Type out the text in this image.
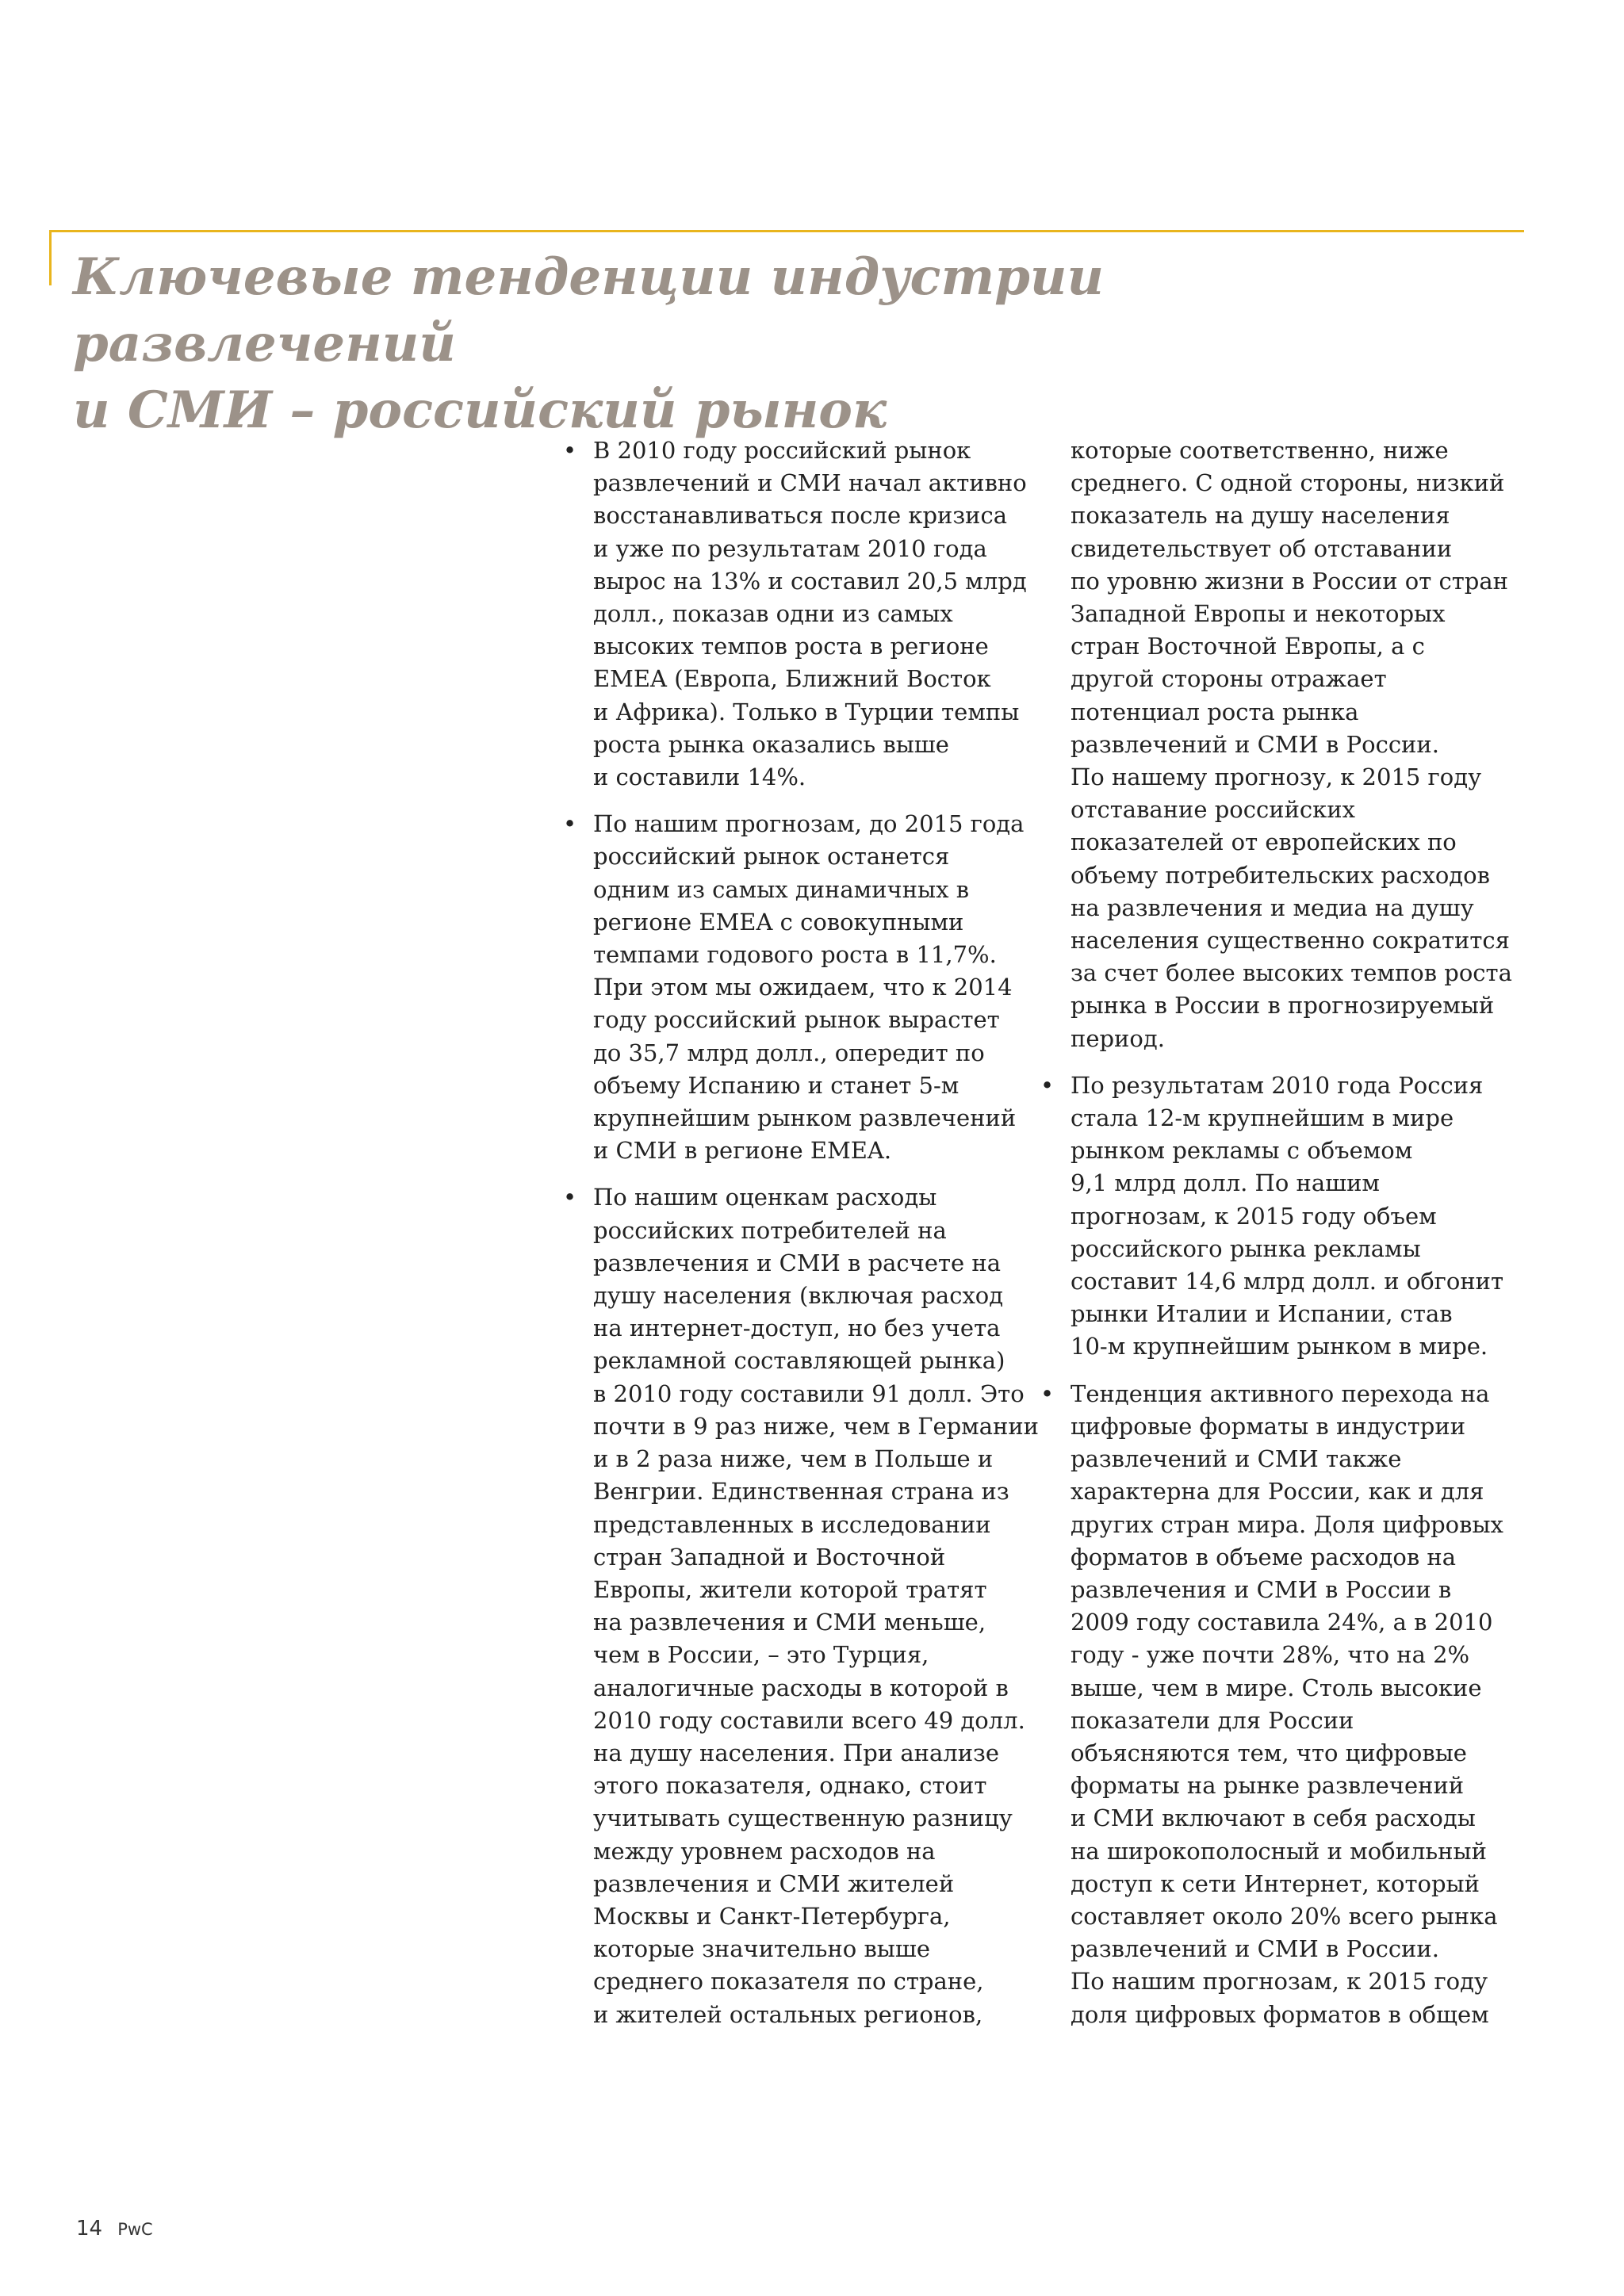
Ключевые тенденции индустрии развлечений
и СМИ – российский рынок
• В 2010 году российский рынок
развлечений и СМИ начал активно
восстанавливаться после кризиса
и уже по результатам 2010 года
вырос на 13% и составил 20,5 млрд
долл., показав одни из самых
высоких темпов роста в регионе
EMEA (Европа, Ближний Восток
и Африка). Только в Турции темпы
роста рынка оказались выше
и составили 14%.
• По нашим прогнозам, до 2015 года
российский рынок останется
одним из самых динамичных в
регионе EMEA с совокупными
темпами годового роста в 11,7%.
При этом мы ожидаем, что к 2014
году российский рынок вырастет
до 35,7 млрд долл., опередит по
объему Испанию и станет 5-м
крупнейшим рынком развлечений
и СМИ в регионе EMEA.
• По нашим оценкам расходы
российских потребителей на
развлечения и СМИ в расчете на
душу населения (включая расход
на интернет-доступ, но без учета
рекламной составляющей рынка)
в 2010 году составили 91 долл. Это
почти в 9 раз ниже, чем в Германии
и в 2 раза ниже, чем в Польше и
Венгрии. Единственная страна из
представленных в исследовании
стран Западной и Восточной
Европы, жители которой тратят
на развлечения и СМИ меньше,
чем в России, – это Турция,
аналогичные расходы в которой в
2010 году составили всего 49 долл.
на душу населения. При анализе
этого показателя, однако, стоит
учитывать существенную разницу
между уровнем расходов на
развлечения и СМИ жителей
Москвы и Санкт-Петербурга,
которые значительно выше
среднего показателя по стране,
и жителей остальных регионов,
которые соответственно, ниже
среднего. С одной стороны, низкий
показатель на душу населения
свидетельствует об отставании
по уровню жизни в России от стран
Западной Европы и некоторых
стран Восточной Европы, а с
другой стороны отражает
потенциал роста рынка
развлечений и СМИ в России.
По нашему прогнозу, к 2015 году
отставание российских
показателей от европейских по
объему потребительских расходов
на развлечения и медиа на душу
населения существенно сократится
за счет более высоких темпов роста
рынка в России в прогнозируемый
период.
• По результатам 2010 года Россия
стала 12-м крупнейшим в мире
рынком рекламы с объемом
9,1 млрд долл. По нашим
прогнозам, к 2015 году объем
российского рынка рекламы
составит 14,6 млрд долл. и обгонит
рынки Италии и Испании, став
10-м крупнейшим рынком в мире.
• Тенденция активного перехода на
цифровые форматы в индустрии
развлечений и СМИ также
характерна для России, как и для
других стран мира. Доля цифровых
форматов в объеме расходов на
развлечения и СМИ в России в
2009 году составила 24%, а в 2010
году - уже почти 28%, что на 2%
выше, чем в мире. Столь высокие
показатели для России
объясняются тем, что цифровые
форматы на рынке развлечений
и СМИ включают в себя расходы
на широкополосный и мобильный
доступ к сети Интернет, который
составляет около 20% всего рынка
развлечений и СМИ в России.
По нашим прогнозам, к 2015 году
доля цифровых форматов в общем
14 PwC
